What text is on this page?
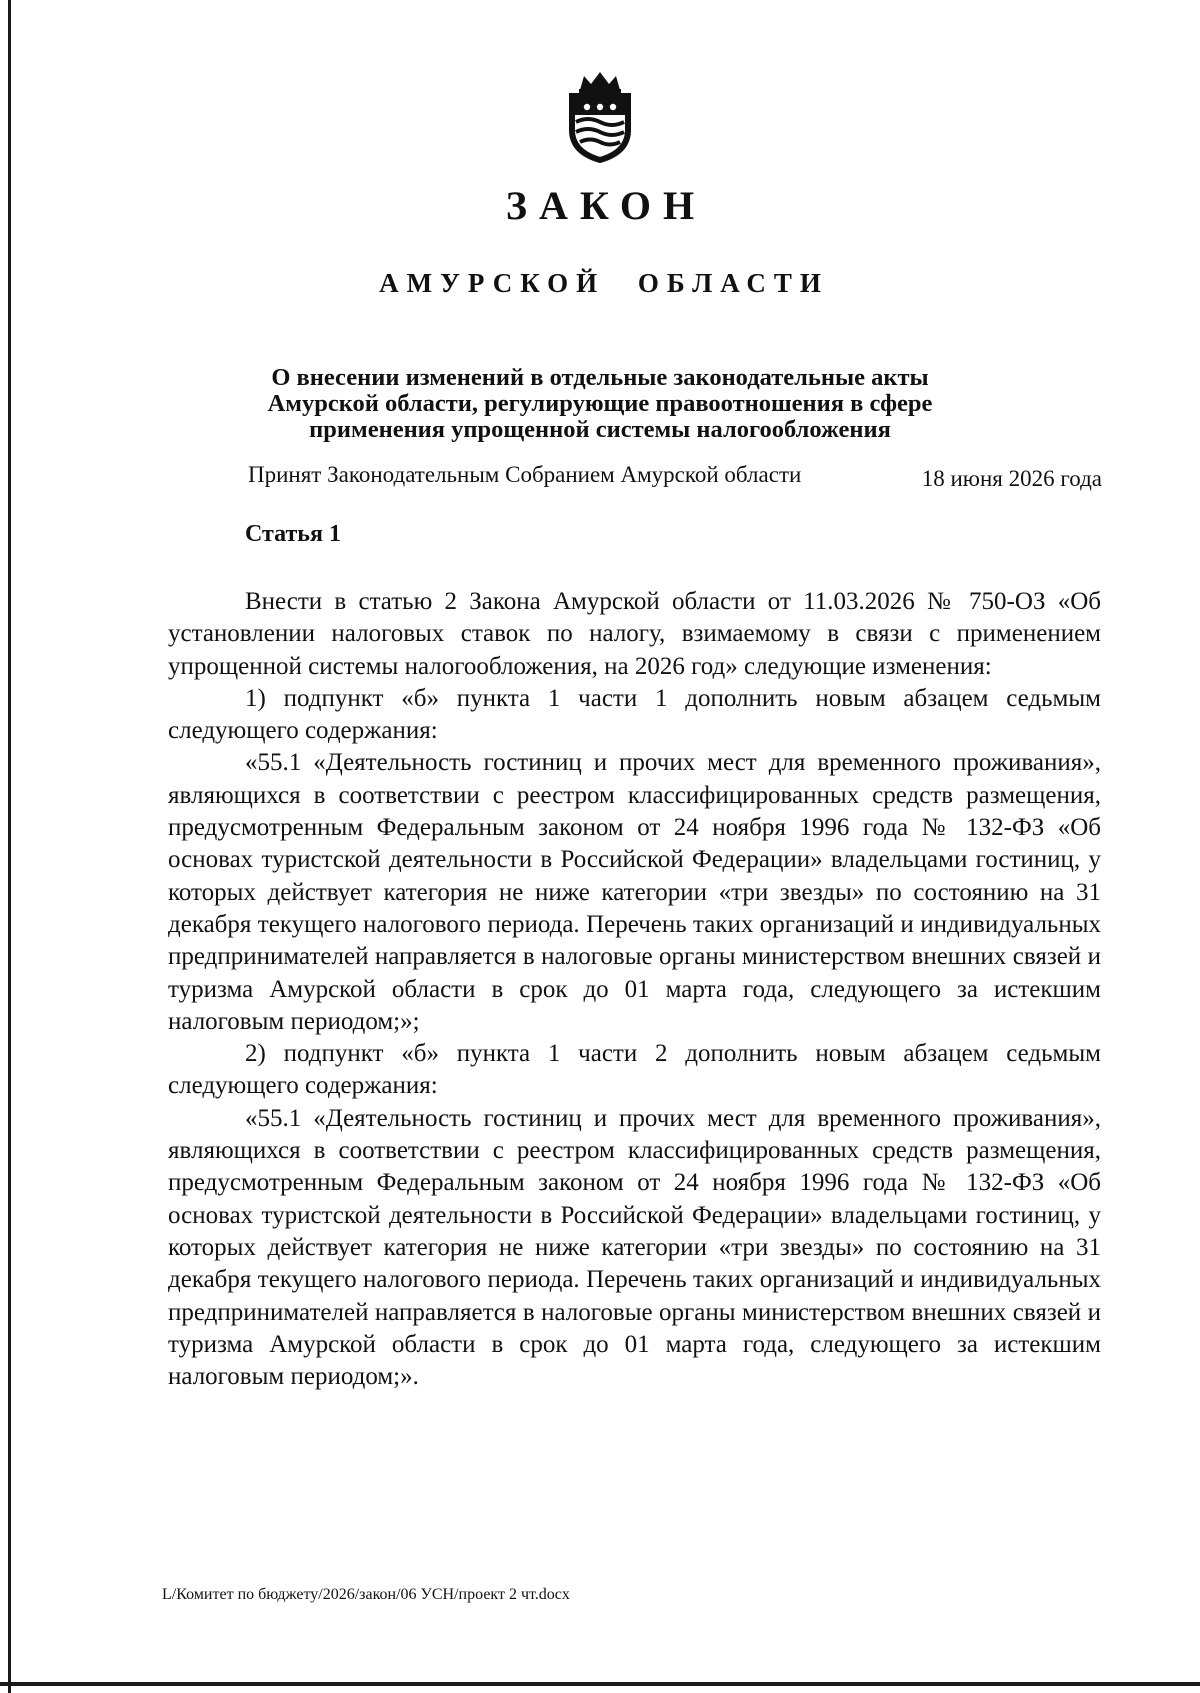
ЗАКОН
АМУРСКОЙ ОБЛАСТИ
О внесении изменений в отдельные законодательные акты
Амурской области, регулирующие правоотношения в сфере
применения упрощенной системы налогообложения
Принят Законодательным Собранием Амурской области	18 июня 2026 года
Статья 1

Внести в статью 2 Закона Амурской области от 11.03.2026 № 750-ОЗ «Об установлении налоговых ставок по налогу, взимаемому в связи с применением упрощенной системы налогообложения, на 2026 год» следующие изменения:

1) подпункт «б» пункта 1 части 1 дополнить новым абзацем седьмым следующего содержания:

«55.1 «Деятельность гостиниц и прочих мест для временного проживания», являющихся в соответствии с реестром классифицированных средств размещения, предусмотренным Федеральным законом от 24 ноября 1996 года № 132-ФЗ «Об основах туристской деятельности в Российской Федерации» владельцами гостиниц, у которых действует категория не ниже категории «три звезды» по состоянию на 31 декабря текущего налогового периода. Перечень таких организаций и индивидуальных предпринимателей направляется в налоговые органы министерством внешних связей и туризма Амурской области в срок до 01 марта года, следующего за истекшим налоговым периодом;»;

2) подпункт «б» пункта 1 части 2 дополнить новым абзацем седьмым следующего содержания:

«55.1 «Деятельность гостиниц и прочих мест для временного проживания», являющихся в соответствии с реестром классифицированных средств размещения, предусмотренным Федеральным законом от 24 ноября 1996 года № 132-ФЗ «Об основах туристской деятельности в Российской Федерации» владельцами гостиниц, у которых действует категория не ниже категории «три звезды» по состоянию на 31 декабря текущего налогового периода. Перечень таких организаций и индивидуальных предпринимателей направляется в налоговые органы министерством внешних связей и туризма Амурской области в срок до 01 марта года, следующего за истекшим налоговым периодом;».

L/Комитет по бюджету/2026/закон/06 УСН/проект 2 чт.docx
